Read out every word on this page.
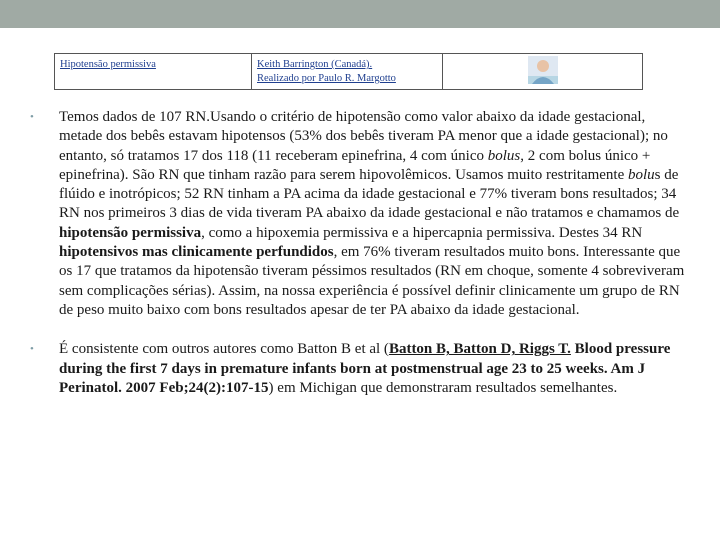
Hipotensão permissiva	Keith Barrington (Canadá).
Realizado por Paulo R. Margotto	
• Temos dados de 107 RN.Usando o critério de hipotensão como valor abaixo da idade gestacional, metade dos bebês estavam hipotensos (53% dos bebês tiveram PA menor que a idade gestacional); no entanto, só tratamos 17 dos 118 (11 receberam epinefrina, 4 com único bolus, 2 com bolus único + epinefrina). São RN que tinham razão para serem hipovolêmicos. Usamos muito restritamente bolus de flúido e inotrópicos; 52 RN tinham a PA acima da idade gestacional e 77% tiveram bons resultados; 34 RN nos primeiros 3 dias de vida tiveram PA abaixo da idade gestacional e não tratamos e chamamos de hipotensão permissiva, como a hipoxemia permissiva e a hipercapnia permissiva. Destes 34 RN hipotensivos mas clinicamente perfundidos, em 76% tiveram resultados muito bons. Interessante que os 17 que tratamos da hipotensão tiveram péssimos resultados (RN em choque, somente 4 sobreviveram sem complicações sérias). Assim, na nossa experiência é possível definir clinicamente um grupo de RN de peso muito baixo com bons resultados apesar de ter PA abaixo da idade gestacional.
• É consistente com outros autores como Batton B et al (Batton B, Batton D, Riggs T. Blood pressure during the first 7 days in premature infants born at postmenstrual age 23 to 25 weeks. Am J Perinatol. 2007 Feb;24(2):107-15) em Michigan que demonstraram resultados semelhantes.
